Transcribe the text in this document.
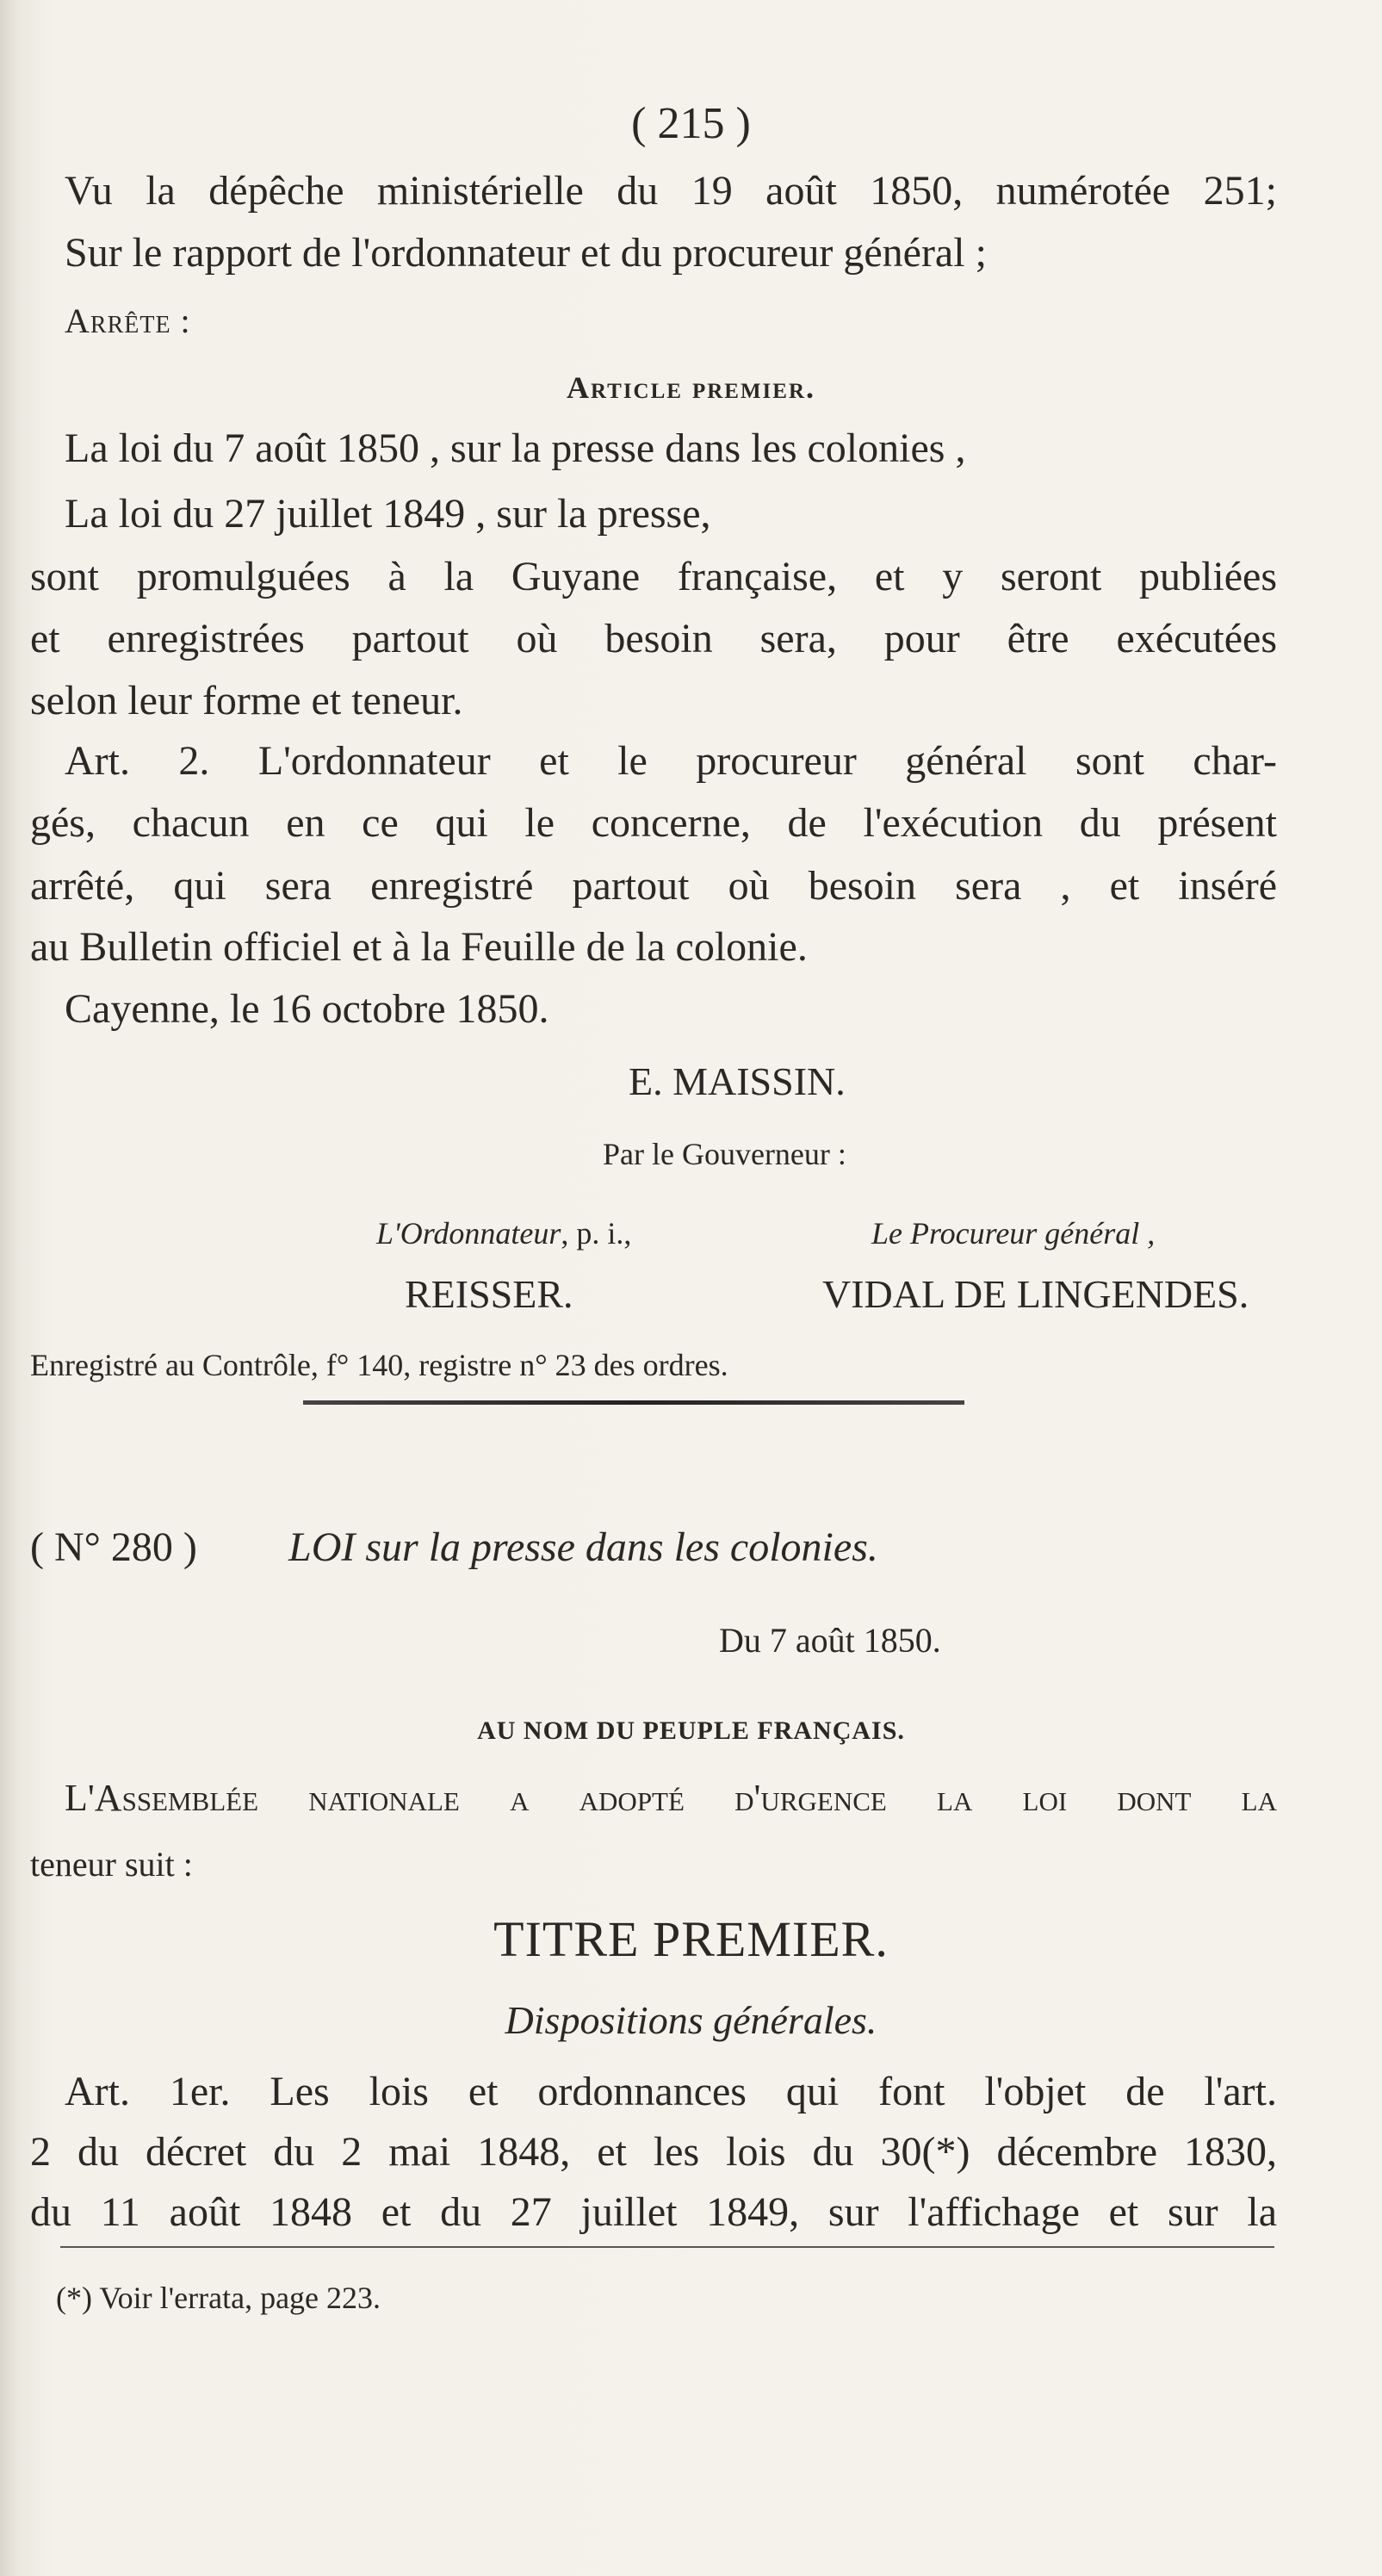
( 215 )
Vu la dépêche ministérielle du 19 août 1850, numérotée 251;
Sur le rapport de l'ordonnateur et du procureur général ;
Arrête :
Article premier.
La loi du 7 août 1850 , sur la presse dans les colonies ,
La loi du 27 juillet 1849 , sur la presse,
sont promulguées à la Guyane française, et y seront publiées
et enregistrées partout où besoin sera, pour être exécutées
selon leur forme et teneur.
Art. 2. L'ordonnateur et le procureur général sont char-
gés, chacun en ce qui le concerne, de l'exécution du présent
arrêté, qui sera enregistré partout où besoin sera , et inséré
au Bulletin officiel et à la Feuille de la colonie.
Cayenne, le 16 octobre 1850.
E. MAISSIN.
Par le Gouverneur :
L'Ordonnateur, p. i.,	Le Procureur général ,
REISSER.	VIDAL DE LINGENDES.
Enregistré au Contrôle, f° 140, registre n° 23 des ordres.
( N° 280 ) LOI sur la presse dans les colonies.
Du 7 août 1850.
AU NOM DU PEUPLE FRANÇAIS.
L'Assemblée nationale a adopté d'urgence la loi dont la
teneur suit :
TITRE PREMIER.
Dispositions générales.
Art. 1er. Les lois et ordonnances qui font l'objet de l'art.
2 du décret du 2 mai 1848, et les lois du 30(*) décembre 1830,
du 11 août 1848 et du 27 juillet 1849, sur l'affichage et sur la
(*) Voir l'errata, page 223.
